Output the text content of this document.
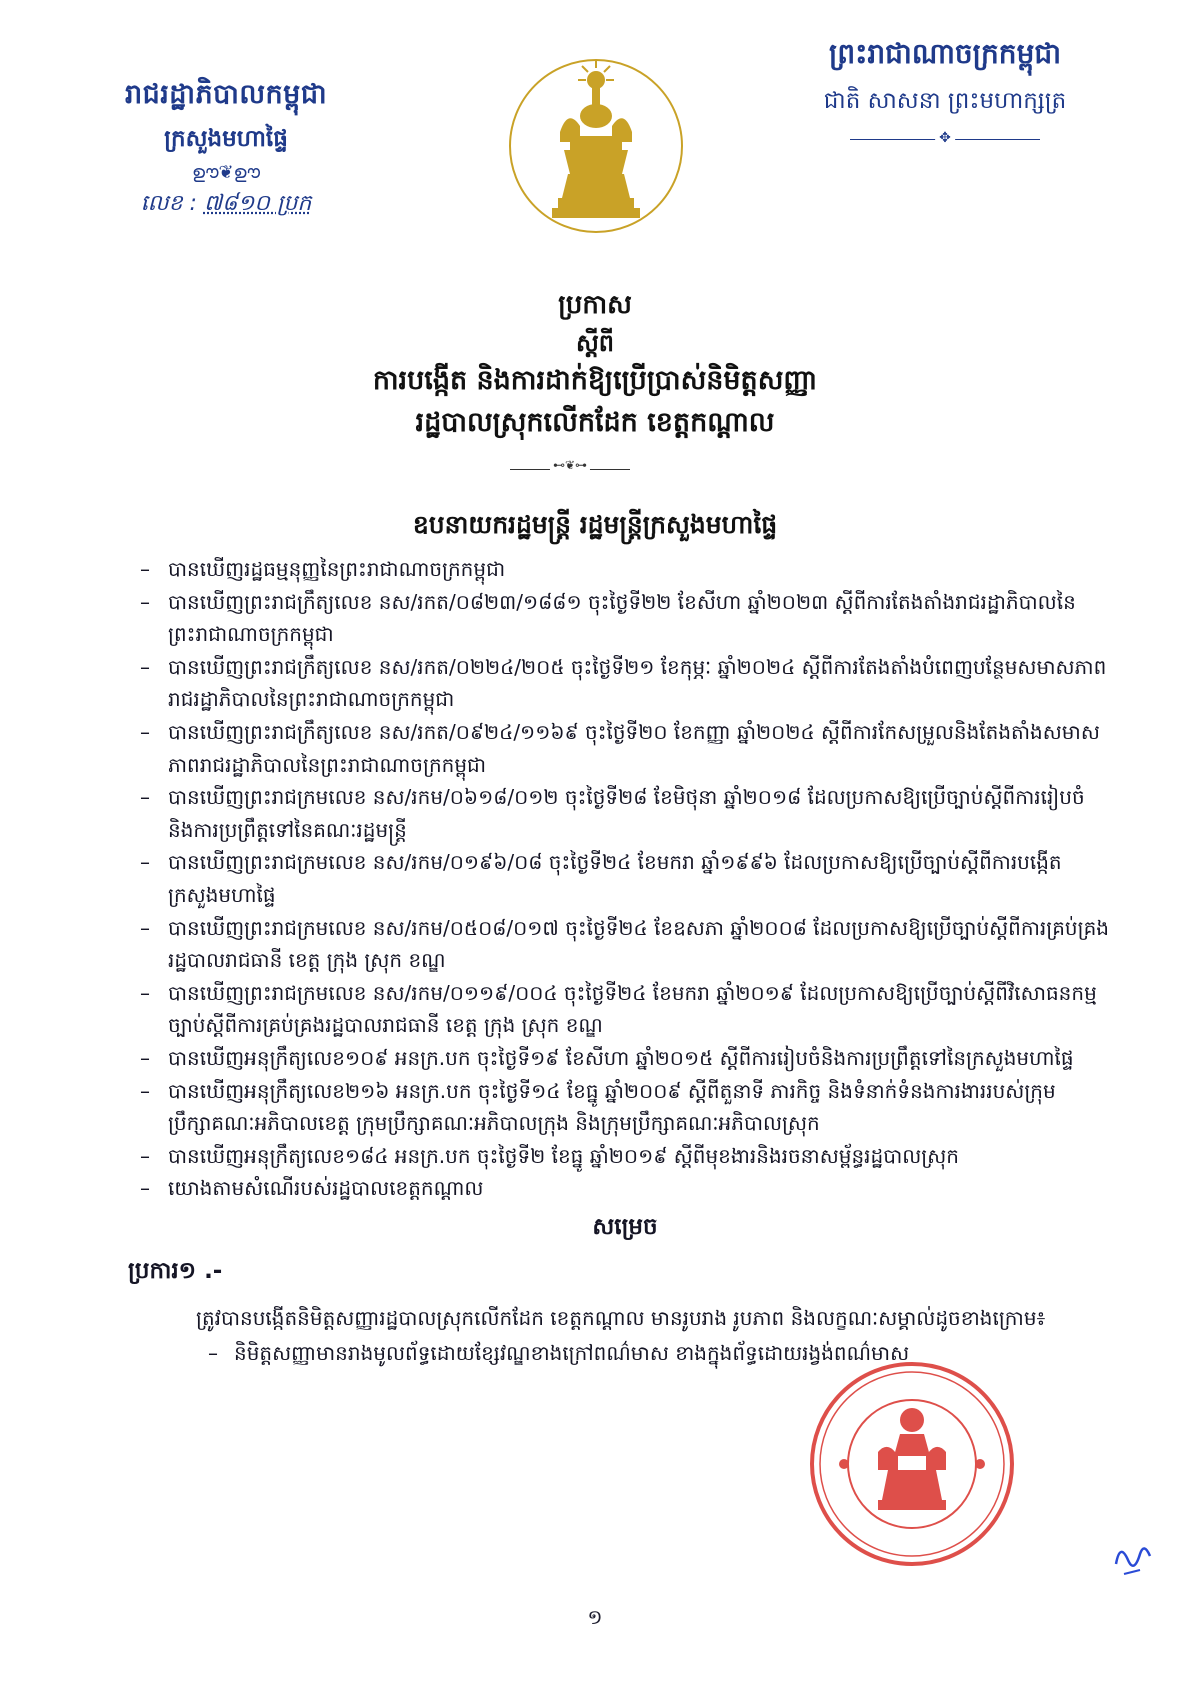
រាជរដ្ឋាភិបាលកម្ពុជា
ក្រសួងមហាផ្ទៃ
ഊ❦ഊ
លេខ : ៧៨១០ ប្រក
ព្រះរាជាណាចក្រកម្ពុជា
ជាតិ សាសនា ព្រះមហាក្សត្រ
✥
ប្រកាស
ស្តីពី
ការបង្កើត និងការដាក់ឱ្យប្រើប្រាស់និមិត្តសញ្ញា
រដ្ឋបាលស្រុកលើកដែក ខេត្តកណ្តាល
⊷❦⊶
ឧបនាយករដ្ឋមន្ត្រី រដ្ឋមន្ត្រីក្រសួងមហាផ្ទៃ
– បានឃើញរដ្ឋធម្មនុញ្ញនៃព្រះរាជាណាចក្រកម្ពុជា
– បានឃើញព្រះរាជក្រឹត្យលេខ នស/រកត/០៨២៣/១៨៨១ ចុះថ្ងៃទី២២ ខែសីហា ឆ្នាំ២០២៣ ស្តីពីការតែងតាំងរាជរដ្ឋាភិបាលនៃព្រះរាជាណាចក្រកម្ពុជា
– បានឃើញព្រះរាជក្រឹត្យលេខ នស/រកត/០២២៤/២០៥ ចុះថ្ងៃទី២១ ខែកុម្ភៈ ឆ្នាំ២០២៤ ស្តីពីការតែងតាំងបំពេញបន្ថែមសមាសភាពរាជរដ្ឋាភិបាលនៃព្រះរាជាណាចក្រកម្ពុជា
– បានឃើញព្រះរាជក្រឹត្យលេខ នស/រកត/០៩២៤/១១៦៩ ចុះថ្ងៃទី២០ ខែកញ្ញា ឆ្នាំ២០២៤ ស្តីពីការកែសម្រួលនិងតែងតាំងសមាសភាពរាជរដ្ឋាភិបាលនៃព្រះរាជាណាចក្រកម្ពុជា
– បានឃើញព្រះរាជក្រមលេខ នស/រកម/០៦១៨/០១២ ចុះថ្ងៃទី២៨ ខែមិថុនា ឆ្នាំ២០១៨ ដែលប្រកាសឱ្យប្រើច្បាប់ស្តីពីការរៀបចំនិងការប្រព្រឹត្តទៅនៃគណៈរដ្ឋមន្ត្រី
– បានឃើញព្រះរាជក្រមលេខ នស/រកម/០១៩៦/០៨ ចុះថ្ងៃទី២៤ ខែមករា ឆ្នាំ១៩៩៦ ដែលប្រកាសឱ្យប្រើច្បាប់ស្តីពីការបង្កើតក្រសួងមហាផ្ទៃ
– បានឃើញព្រះរាជក្រមលេខ នស/រកម/០៥០៨/០១៧ ចុះថ្ងៃទី២៤ ខែឧសភា ឆ្នាំ២០០៨ ដែលប្រកាសឱ្យប្រើច្បាប់ស្តីពីការគ្រប់គ្រងរដ្ឋបាលរាជធានី ខេត្ត ក្រុង ស្រុក ខណ្ឌ
– បានឃើញព្រះរាជក្រមលេខ នស/រកម/០១១៩/០០៤ ចុះថ្ងៃទី២៤ ខែមករា ឆ្នាំ២០១៩ ដែលប្រកាសឱ្យប្រើច្បាប់ស្តីពីវិសោធនកម្មច្បាប់ស្តីពីការគ្រប់គ្រងរដ្ឋបាលរាជធានី ខេត្ត ក្រុង ស្រុក ខណ្ឌ
– បានឃើញអនុក្រឹត្យលេខ១០៩ អនក្រ.បក ចុះថ្ងៃទី១៩ ខែសីហា ឆ្នាំ២០១៥ ស្តីពីការរៀបចំនិងការប្រព្រឹត្តទៅនៃក្រសួងមហាផ្ទៃ
– បានឃើញអនុក្រឹត្យលេខ២១៦ អនក្រ.បក ចុះថ្ងៃទី១៤ ខែធ្នូ ឆ្នាំ២០០៩ ស្តីពីតួនាទី ភារកិច្ច និងទំនាក់ទំនងការងាររបស់ក្រុមប្រឹក្សាគណៈអភិបាលខេត្ត ក្រុមប្រឹក្សាគណៈអភិបាលក្រុង និងក្រុមប្រឹក្សាគណៈអភិបាលស្រុក
– បានឃើញអនុក្រឹត្យលេខ១៨៤ អនក្រ.បក ចុះថ្ងៃទី២ ខែធ្នូ ឆ្នាំ២០១៩ ស្តីពីមុខងារនិងរចនាសម្ព័ន្ធរដ្ឋបាលស្រុក
– យោងតាមសំណើរបស់រដ្ឋបាលខេត្តកណ្តាល
សម្រេច
ប្រការ១ .-
ត្រូវបានបង្កើតនិមិត្តសញ្ញារដ្ឋបាលស្រុកលើកដែក ខេត្តកណ្តាល មានរូបរាង រូបភាព និងលក្ខណៈសម្គាល់ដូចខាងក្រោម៖
– និមិត្តសញ្ញាមានរាងមូលព័ទ្ធដោយខ្សែវណ្ឌខាងក្រៅពណ៌មាស ខាងក្នុងព័ទ្ធដោយរង្វង់ពណ៌មាស
១
